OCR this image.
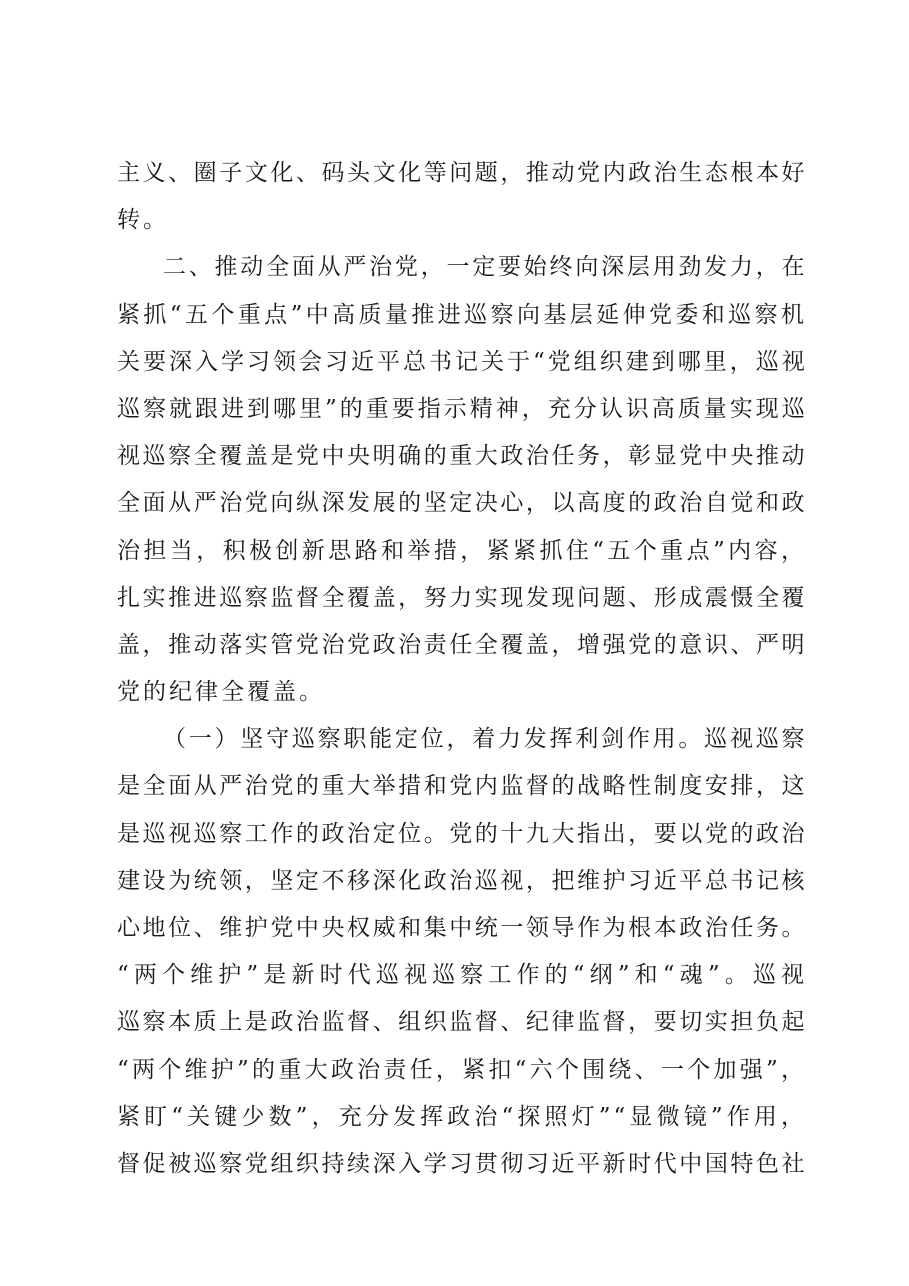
主义、圈子文化、码头文化等问题，推动党内政治生态根本好
转。
二、推动全面从严治党，一定要始终向深层用劲发力，在
紧抓“五个重点”中高质量推进巡察向基层延伸党委和巡察机
关要深入学习领会习近平总书记关于“党组织建到哪里，巡视
巡察就跟进到哪里”的重要指示精神，充分认识高质量实现巡
视巡察全覆盖是党中央明确的重大政治任务，彰显党中央推动
全面从严治党向纵深发展的坚定决心，以高度的政治自觉和政
治担当，积极创新思路和举措，紧紧抓住“五个重点”内容，
扎实推进巡察监督全覆盖，努力实现发现问题、形成震慑全覆
盖，推动落实管党治党政治责任全覆盖，增强党的意识、严明
党的纪律全覆盖。
（一）坚守巡察职能定位，着力发挥利剑作用。巡视巡察
是全面从严治党的重大举措和党内监督的战略性制度安排，这
是巡视巡察工作的政治定位。党的十九大指出，要以党的政治
建设为统领，坚定不移深化政治巡视，把维护习近平总书记核
心地位、维护党中央权威和集中统一领导作为根本政治任务。
“两个维护”是新时代巡视巡察工作的“纲”和“魂”。巡视
巡察本质上是政治监督、组织监督、纪律监督，要切实担负起
“两个维护”的重大政治责任，紧扣“六个围绕、一个加强”，
紧盯“关键少数”，充分发挥政治“探照灯”“显微镜”作用，
督促被巡察党组织持续深入学习贯彻习近平新时代中国特色社
